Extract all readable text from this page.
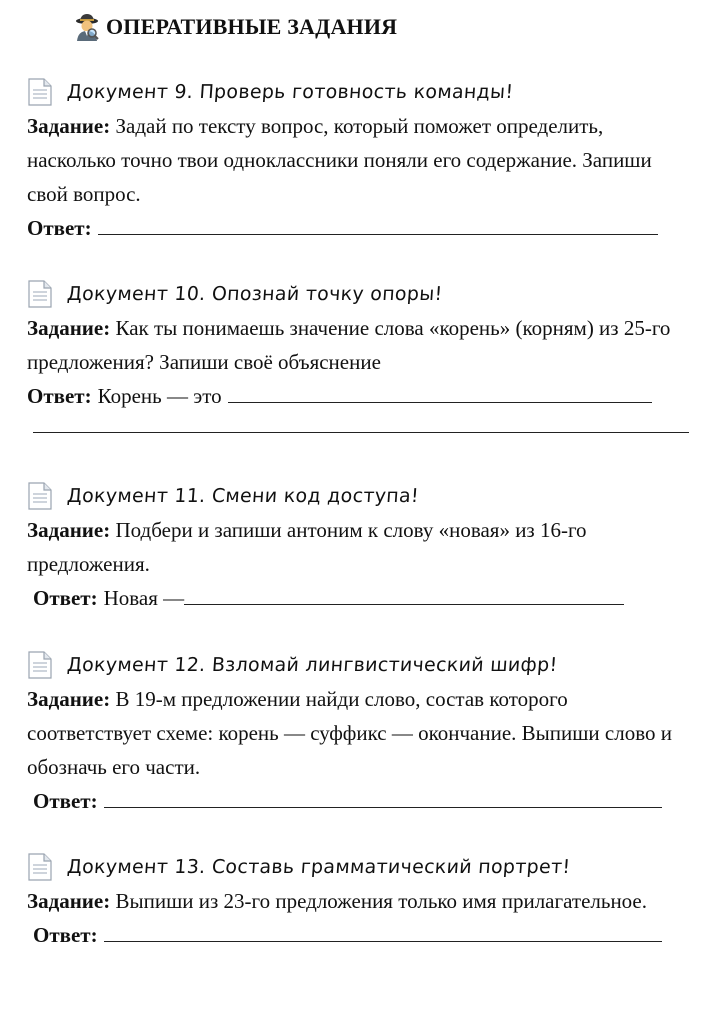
ОПЕРАТИВНЫЕ ЗАДАНИЯ
Документ 9. Проверь готовность команды!
Задание: Задай по тексту вопрос, который поможет определить, насколько точно твои одноклассники поняли его содержание. Запиши свой вопрос.
Ответ:
Документ 10. Опознай точку опоры!
Задание: Как ты понимаешь значение слова «корень» (корням) из 25-го предложения? Запиши своё объяснение
Ответ: Корень — это
Документ 11. Смени код доступа!
Задание: Подбери и запиши антоним к слову «новая» из 16-го предложения.
Ответ: Новая —
Документ 12. Взломай лингвистический шифр!
Задание: В 19-м предложении найди слово, состав которого соответствует схеме: корень — суффикс — окончание. Выпиши слово и обозначь его части.
Ответ:
Документ 13. Составь грамматический портрет!
Задание: Выпиши из 23-го предложения только имя прилагательное.
Ответ:
